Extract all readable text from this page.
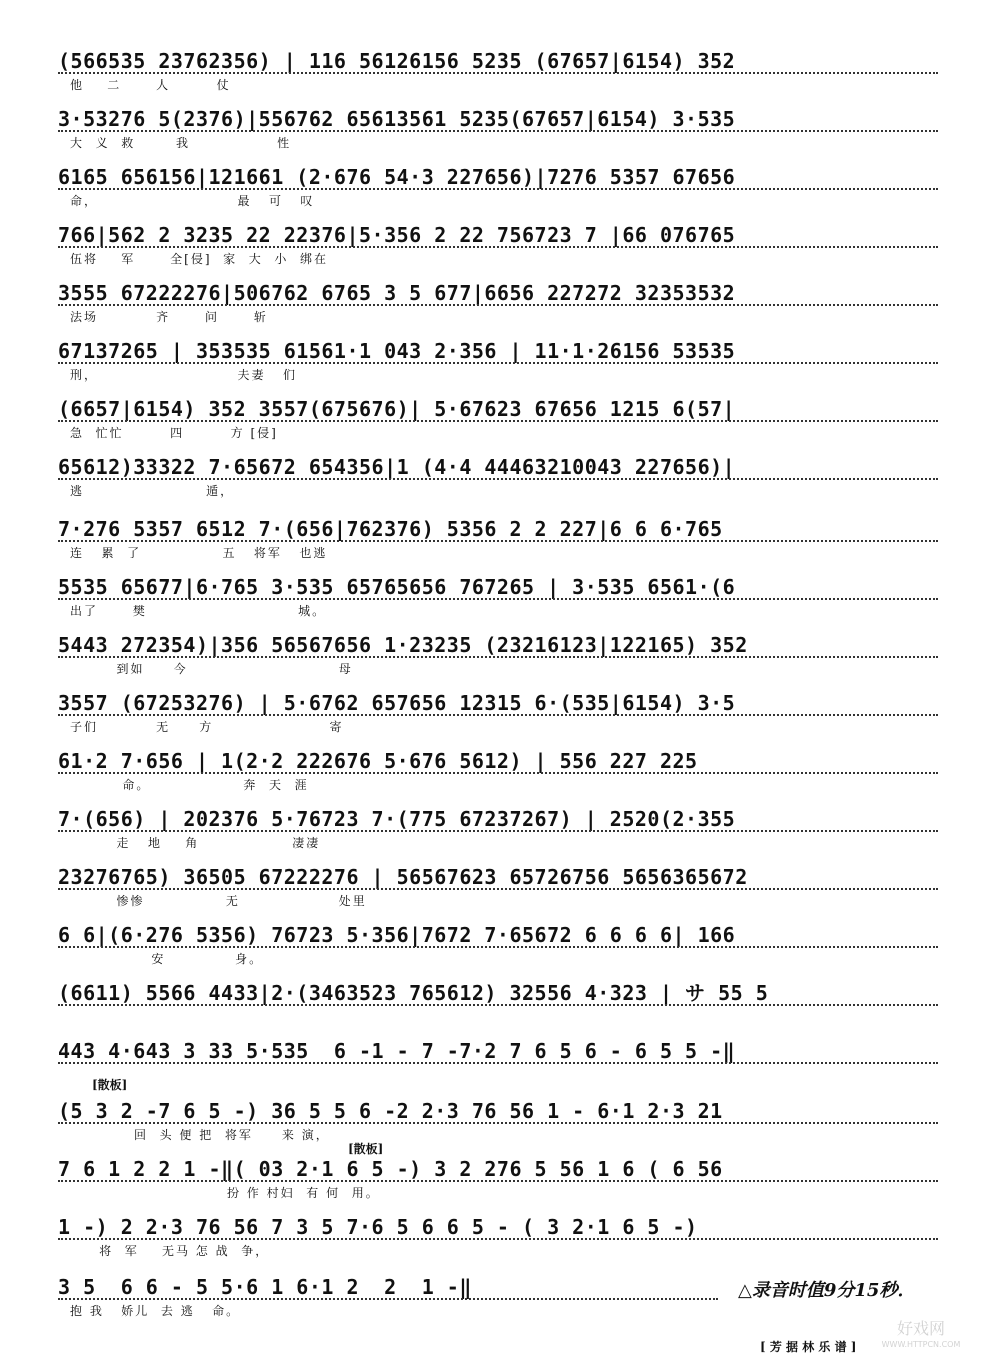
(566535 23762356) | 116 56126156 5235 (67657|6154) 352
他    二      人        仗
3·53276 5(2376)|556762 65613561 5235(67657|6154) 3·535
大  义  救       我               性
6165 656156|121661 (2·676 54·3 227656)|7276 5357 67656
命，                        最   可   叹
766|562 2 3235 22 22376|5·356 2 22 756723 7 |66 076765
伍将    军      全[侵]  家  大  小  绑在
3555 67222276|506762 6765 3 5 677|6656 227272 32353532
法场          齐      问      斩
67137265 | 353535 61561·1 043 2·356 | 11·1·26156 53535
刑，                        夫妻   们
(6657|6154) 352 3557(675676)| 5·67623 67656 1215 6(57|
急  忙忙        四        方 [侵]
65612)33322 7·65672 654356|1 (4·4 44463210043 227656)|
逃                     遁，
7·276 5357 6512 7·(656|762376) 5356 2 2 227|6 6 6·765
连   累  了              五   将军   也逃
5535 65677|6·765 3·535 65765656 767265 | 3·535 6561·(6
出了      樊                          城。
5443 272354)|356 56567656 1·23235 (23216123|122165) 352
到如     今                          母
3557 (67253276) | 5·6762 657656 12315 6·(535|6154) 3·5
子们          无     方                    寄
61·2 7·656 | 1(2·2 222676 5·676 5612) | 556 227 225
命。                奔  天  涯
7·(656) | 202376 5·76723 7·(775 67237267) | 2520(2·355
走   地    角                凄凄
23276765) 36505 67222276 | 56567623 65726756 5656365672
惨惨              无                 处里
6 6|(6·276 5356) 76723 5·356|7672 7·65672 6 6 6 6| 166
安            身。
(6611) 5566 4433|2·(3463523 765612) 32556 4·323 | サ 55 5
443 4·643 3 33 5·535  6 -1 - 7 -7·2 7 6 5 6 - 6 5 5 -‖
[散板]
(5 3 2 -7 6 5 -) 36 5 5 6 -2 2·3 76 56 1 - 6·1 2·3 21
回  头 便 把  将军     来 演，
[散板]
7 6 1 2 2 1 -‖( 03 2·1 6 5 -) 3 2 276 5 56 1 6 ( 6 56
扮 作 村妇  有 何  用。
1 -) 2 2·3 76 56 7 3 5 7·6 5 6 6 5 - ( 3 2·1 6 5 -)
将  军    无马 怎 战  争，
3 5  6 6 - 5 5·6 1 6·1 2  2  1 -‖
抱 我   娇儿  去 逃   命。
△录音时值9分15秒．
[ 芳 据 林 乐 谱 ]
好戏网
WWW.HTTPCN.COM
